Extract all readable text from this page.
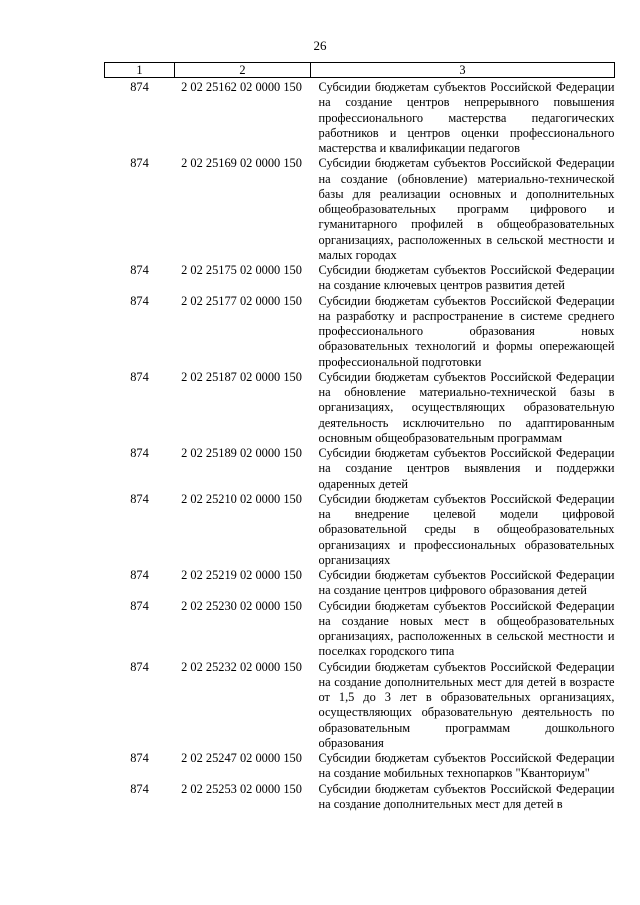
26
1	2	3
874	2 02 25162 02 0000 150	Субсидии бюджетам субъектов Российской Федерации на создание центров непрерывного повышения профессионального мастерства педагогических работников и центров оценки профессионального мастерства и квалификации педагогов
874	2 02 25169 02 0000 150	Субсидии бюджетам субъектов Российской Федерации на создание (обновление) материально-технической базы для реализации основных и дополнительных общеобразовательных программ цифрового и гуманитарного профилей в общеобразовательных организациях, расположенных в сельской местности и малых городах
874	2 02 25175 02 0000 150	Субсидии бюджетам субъектов Российской Федерации на создание ключевых центров развития детей
874	2 02 25177 02 0000 150	Субсидии бюджетам субъектов Российской Федерации на разработку и распространение в системе среднего профессионального образования новых образовательных технологий и формы опережающей профессиональной подготовки
874	2 02 25187 02 0000 150	Субсидии бюджетам субъектов Российской Федерации на обновление материально-технической базы в организациях, осуществляющих образовательную деятельность исключительно по адаптированным основным общеобразовательным программам
874	2 02 25189 02 0000 150	Субсидии бюджетам субъектов Российской Федерации на создание центров выявления и поддержки одаренных детей
874	2 02 25210 02 0000 150	Субсидии бюджетам субъектов Российской Федерации на внедрение целевой модели цифровой образовательной среды в общеобразовательных организациях и профессиональных образовательных организациях
874	2 02 25219 02 0000 150	Субсидии бюджетам субъектов Российской Федерации на создание центров цифрового образования детей
874	2 02 25230 02 0000 150	Субсидии бюджетам субъектов Российской Федерации на создание новых мест в общеобразовательных организациях, расположенных в сельской местности и поселках городского типа
874	2 02 25232 02 0000 150	Субсидии бюджетам субъектов Российской Федерации на создание дополнительных мест для детей в возрасте от 1,5 до 3 лет в образовательных организациях, осуществляющих образовательную деятельность по образовательным программам дошкольного образования
874	2 02 25247 02 0000 150	Субсидии бюджетам субъектов Российской Федерации на создание мобильных технопарков "Кванториум"
874	2 02 25253 02 0000 150	Субсидии бюджетам субъектов Российской Федерации на создание дополнительных мест для детей в
